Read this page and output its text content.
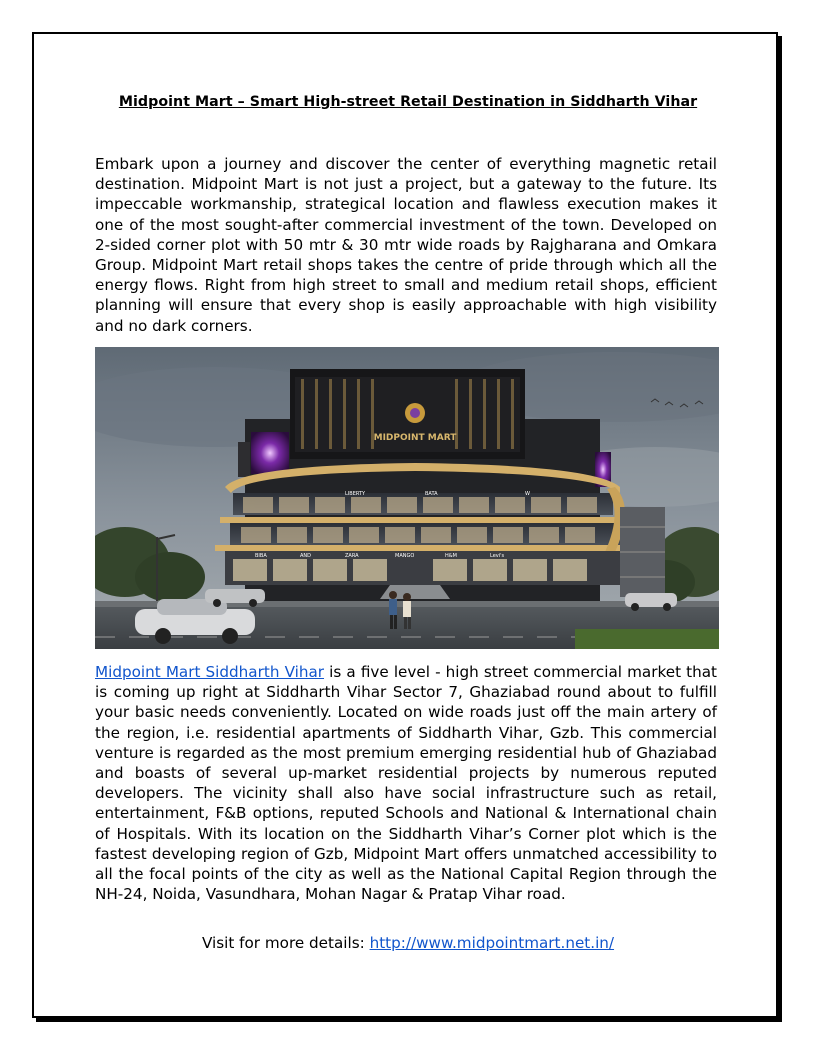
Midpoint Mart – Smart High-street Retail Destination in Siddharth Vihar

Embark upon a journey and discover the center of everything magnetic retail destination. Midpoint Mart is not just a project, but a gateway to the future. Its impeccable workmanship, strategical location and flawless execution makes it one of the most sought-after commercial investment of the town. Developed on 2-sided corner plot with 50 mtr & 30 mtr wide roads by Rajgharana and Omkara Group. Midpoint Mart retail shops takes the centre of pride through which all the energy flows. Right from high street to small and medium retail shops, efficient planning will ensure that every shop is easily approachable with high visibility and no dark corners.

MIDPOINT MART
BIBA	AND	ZARA	MANGO	H&M	Levi's
LIBERTY	BATA	W

Midpoint Mart Siddharth Vihar is a five level - high street commercial market that is coming up right at Siddharth Vihar Sector 7, Ghaziabad round about to fulfill your basic needs conveniently. Located on wide roads just off the main artery of the region, i.e. residential apartments of Siddharth Vihar, Gzb. This commercial venture is regarded as the most premium emerging residential hub of Ghaziabad and boasts of several up-market residential projects by numerous reputed developers. The vicinity shall also have social infrastructure such as retail, entertainment, F&B options, reputed Schools and National & International chain of Hospitals. With its location on the Siddharth Vihar’s Corner plot which is the fastest developing region of Gzb, Midpoint Mart offers unmatched accessibility to all the focal points of the city as well as the National Capital Region through the NH-24, Noida, Vasundhara, Mohan Nagar & Pratap Vihar road.

Visit for more details: http://www.midpointmart.net.in/
